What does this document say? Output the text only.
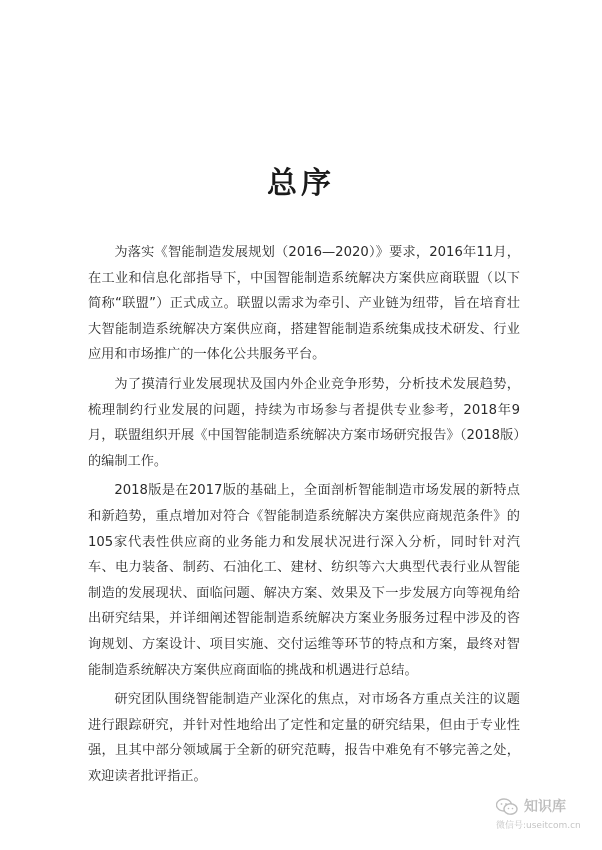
总序

为落实《智能制造发展规划（2016—2020）》要求，2016年11月，在工业和信息化部指导下，中国智能制造系统解决方案供应商联盟（以下简称“联盟”）正式成立。联盟以需求为牵引、产业链为纽带，旨在培育壮大智能制造系统解决方案供应商，搭建智能制造系统集成技术研发、行业应用和市场推广的一体化公共服务平台。

为了摸清行业发展现状及国内外企业竞争形势，分析技术发展趋势，梳理制约行业发展的问题，持续为市场参与者提供专业参考，2018年9月，联盟组织开展《中国智能制造系统解决方案市场研究报告》（2018版）的编制工作。

2018版是在2017版的基础上，全面剖析智能制造市场发展的新特点和新趋势，重点增加对符合《智能制造系统解决方案供应商规范条件》的105家代表性供应商的业务能力和发展状况进行深入分析，同时针对汽车、电力装备、制药、石油化工、建材、纺织等六大典型代表行业从智能制造的发展现状、面临问题、解决方案、效果及下一步发展方向等视角给出研究结果，并详细阐述智能制造系统解决方案业务服务过程中涉及的咨询规划、方案设计、项目实施、交付运维等环节的特点和方案，最终对智能制造系统解决方案供应商面临的挑战和机遇进行总结。

研究团队围绕智能制造产业深化的焦点，对市场各方重点关注的议题进行跟踪研究，并针对性地给出了定性和定量的研究结果，但由于专业性强，且其中部分领域属于全新的研究范畴，报告中难免有不够完善之处，欢迎读者批评指正。

知识库
微信号:useitcom.cn
